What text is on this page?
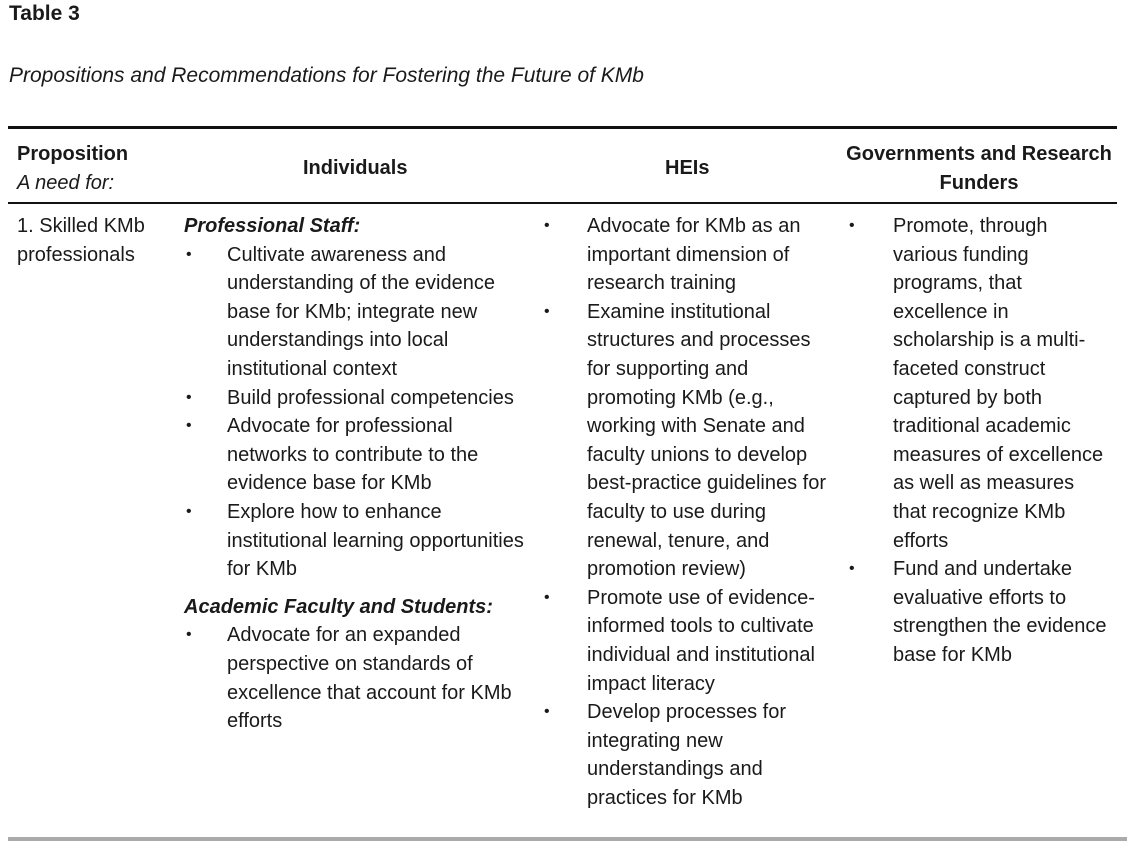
Table 3
Propositions and Recommendations for Fostering the Future of KMb
Proposition
A need for:
Individuals	HEIs
Governments and Research
Funders
1. Skilled KMb professionals
Professional Staff:
• Cultivate awareness and understanding of the evidence base for KMb; integrate new understandings into local institutional context
• Build professional competencies
• Advocate for professional networks to contribute to the evidence base for KMb
• Explore how to enhance institutional learning opportunities for KMb
Academic Faculty and Students:
• Advocate for an expanded perspective on standards of excellence that account for KMb efforts
• Advocate for KMb as an important dimension of research training
• Examine institutional structures and processes for supporting and promoting KMb (e.g., working with Senate and faculty unions to develop best-practice guidelines for faculty to use during renewal, tenure, and promotion review)
• Promote use of evidence-informed tools to cultivate individual and institutional impact literacy
• Develop processes for integrating new understandings and practices for KMb
• Promote, through various funding programs, that excellence in scholarship is a multi-faceted construct captured by both traditional academic measures of excellence as well as measures that recognize KMb efforts
• Fund and undertake evaluative efforts to strengthen the evidence base for KMb
